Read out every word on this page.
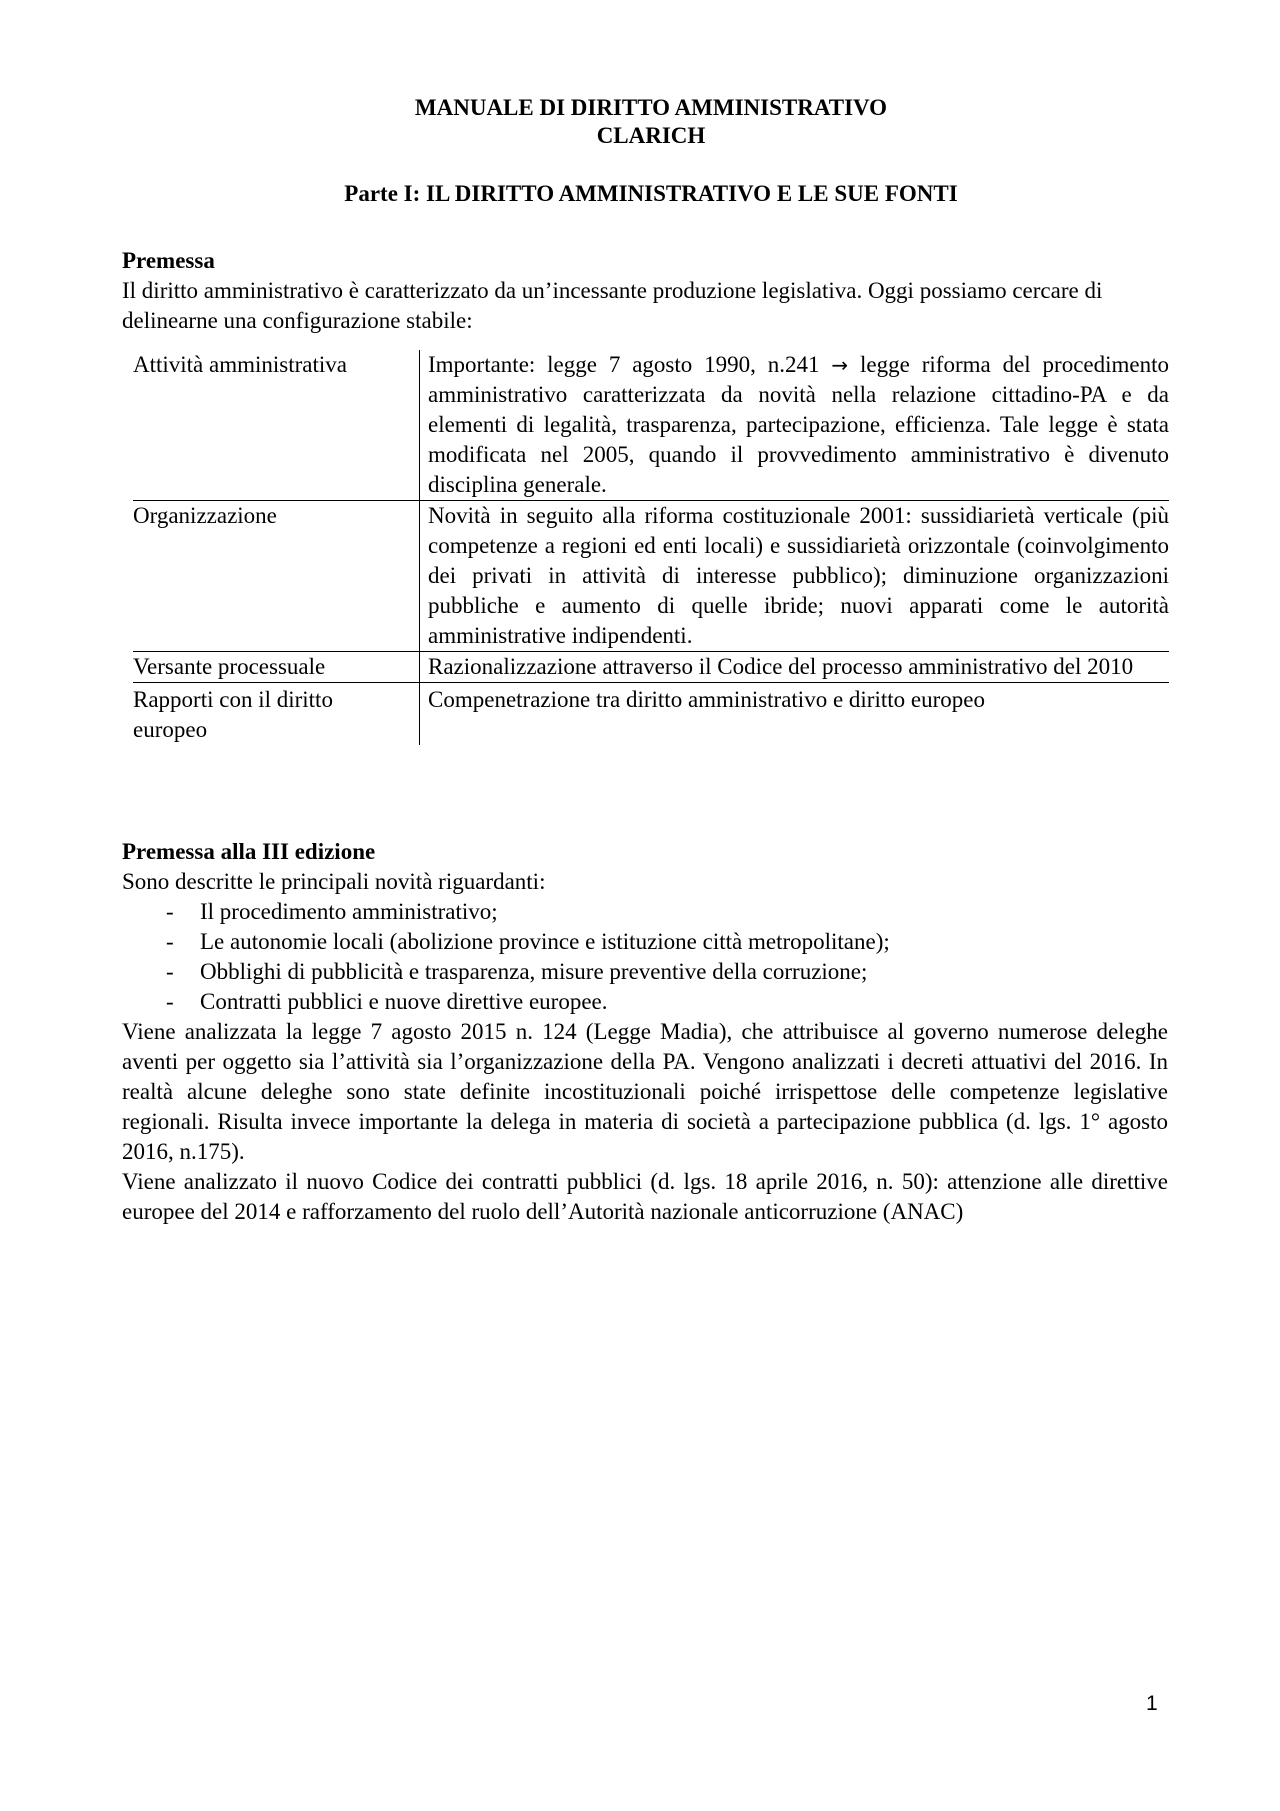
MANUALE DI DIRITTO AMMINISTRATIVO
CLARICH
Parte I: IL DIRITTO AMMINISTRATIVO E LE SUE FONTI
Premessa
Il diritto amministrativo è caratterizzato da un’incessante produzione legislativa. Oggi possiamo cercare di delinearne una configurazione stabile:
Attività amministrativa	Importante: legge 7 agosto 1990, n.241 → legge riforma del procedimento amministrativo caratterizzata da novità nella relazione cittadino-PA e da elementi di legalità, trasparenza, partecipazione, efficienza. Tale legge è stata modificata nel 2005, quando il provvedimento amministrativo è divenuto disciplina generale.
Organizzazione	Novità in seguito alla riforma costituzionale 2001: sussidiarietà verticale (più competenze a regioni ed enti locali) e sussidiarietà orizzontale (coinvolgimento dei privati in attività di interesse pubblico); diminuzione organizzazioni pubbliche e aumento di quelle ibride; nuovi apparati come le autorità amministrative indipendenti.
Versante processuale	Razionalizzazione attraverso il Codice del processo amministrativo del 2010
Rapporti con il diritto europeo	Compenetrazione tra diritto amministrativo e diritto europeo
Premessa alla III edizione
Sono descritte le principali novità riguardanti:
- Il procedimento amministrativo;
- Le autonomie locali (abolizione province e istituzione città metropolitane);
- Obblighi di pubblicità e trasparenza, misure preventive della corruzione;
- Contratti pubblici e nuove direttive europee.
Viene analizzata la legge 7 agosto 2015 n. 124 (Legge Madia), che attribuisce al governo numerose deleghe aventi per oggetto sia l’attività sia l’organizzazione della PA. Vengono analizzati i decreti attuativi del 2016. In realtà alcune deleghe sono state definite incostituzionali poiché irrispettose delle competenze legislative regionali. Risulta invece importante la delega in materia di società a partecipazione pubblica (d. lgs. 1° agosto 2016, n.175).
Viene analizzato il nuovo Codice dei contratti pubblici (d. lgs. 18 aprile 2016, n. 50): attenzione alle direttive europee del 2014 e rafforzamento del ruolo dell’Autorità nazionale anticorruzione (ANAC)
1
